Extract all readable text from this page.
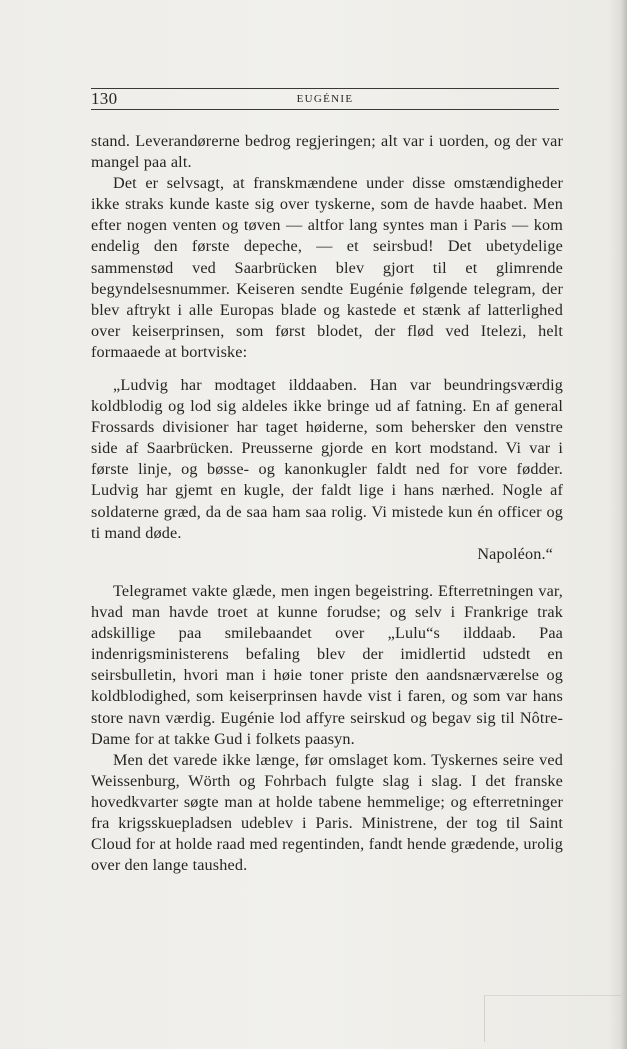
130	EUGÉNIE

stand. Leverandørerne bedrog regjeringen; alt var i uorden, og der var mangel paa alt.

Det er selvsagt, at franskmændene under disse omstændigheder ikke straks kunde kaste sig over tyskerne, som de havde haabet. Men efter nogen venten og tøven — altfor lang syntes man i Paris — kom endelig den første depeche, — et seirsbud! Det ubetydelige sammenstød ved Saarbrücken blev gjort til et glimrende begyndelsesnummer. Keiseren sendte Eugénie følgende telegram, der blev aftrykt i alle Europas blade og kastede et stænk af latterlighed over keiserprinsen, som først blodet, der flød ved Itelezi, helt formaaede at bortviske:

„Ludvig har modtaget ilddaaben. Han var beundringsværdig koldblodig og lod sig aldeles ikke bringe ud af fatning. En af general Frossards divisioner har taget høiderne, som behersker den venstre side af Saarbrücken. Preusserne gjorde en kort modstand. Vi var i første linje, og bøsse- og kanonkugler faldt ned for vore fødder. Ludvig har gjemt en kugle, der faldt lige i hans nærhed. Nogle af soldaterne græd, da de saa ham saa rolig. Vi mistede kun én officer og ti mand døde.

Napoléon.“

Telegramet vakte glæde, men ingen begeistring. Efterretningen var, hvad man havde troet at kunne forudse; og selv i Frankrige trak adskillige paa smilebaandet over „Lulu“s ilddaab. Paa indenrigsministerens befaling blev der imidlertid udstedt en seirsbulletin, hvori man i høie toner priste den aandsnærværelse og koldblodighed, som keiserprinsen havde vist i faren, og som var hans store navn værdig. Eugénie lod affyre seirskud og begav sig til Nôtre-Dame for at takke Gud i folkets paasyn.

Men det varede ikke længe, før omslaget kom. Tyskernes seire ved Weissenburg, Wörth og Fohrbach fulgte slag i slag. I det franske hovedkvarter søgte man at holde tabene hemmelige; og efterretninger fra krigsskuepladsen udeblev i Paris. Ministrene, der tog til Saint Cloud for at holde raad med regentinden, fandt hende grædende, urolig over den lange taushed.
